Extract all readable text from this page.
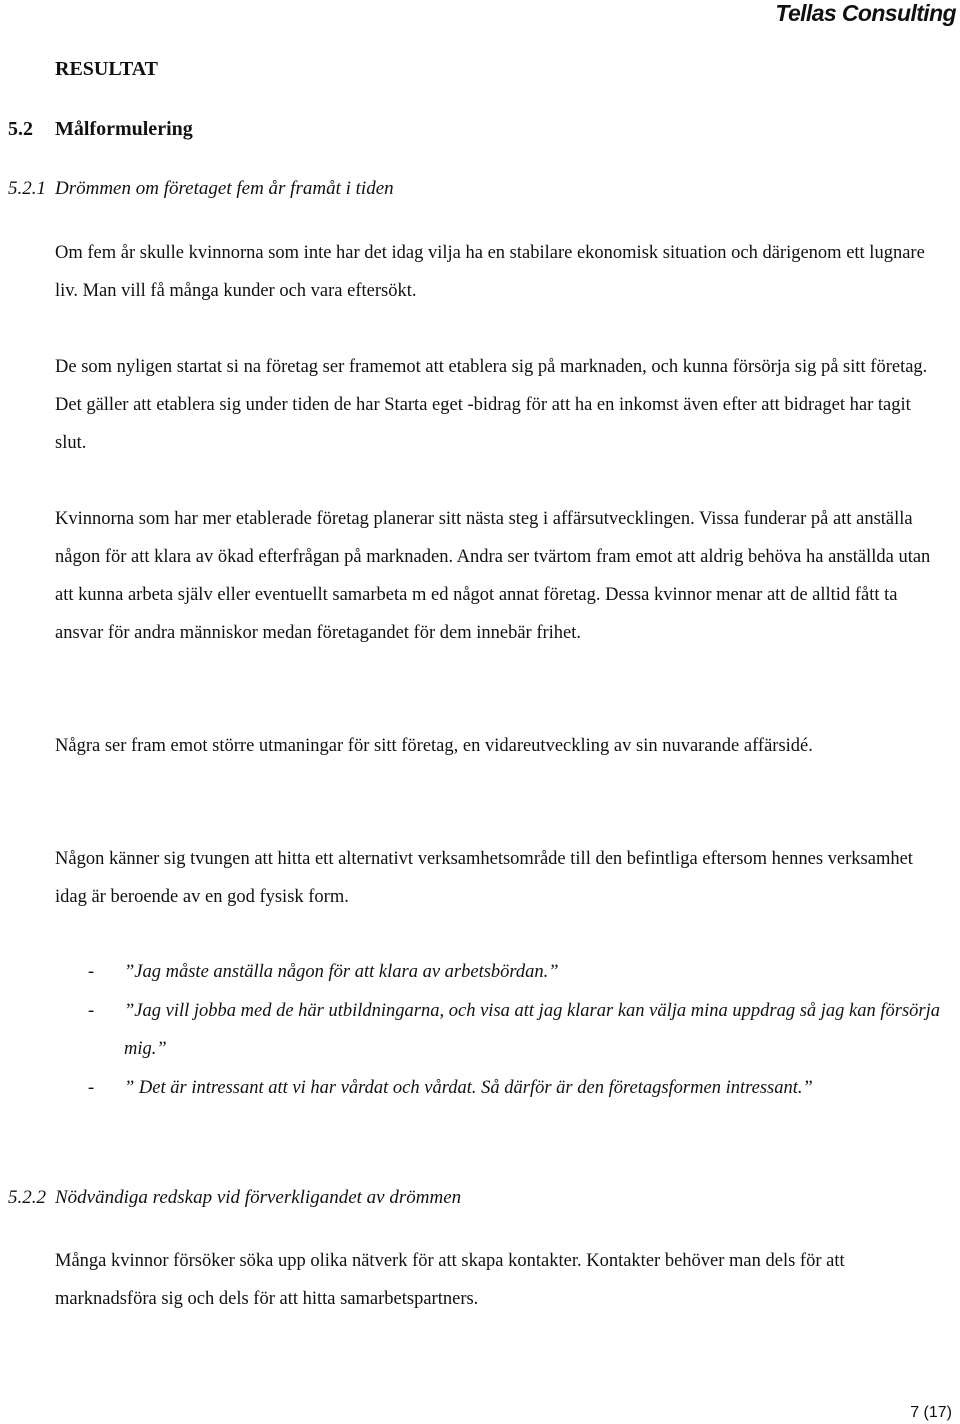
Tellas Consulting
RESULTAT
5.2 Målformulering
5.2.1 Drömmen om företaget fem år framåt i tiden
Om fem år skulle kvinnorna som inte har det idag vilja ha en stabilare ekonomisk situation och därigenom ett lugnare liv. Man vill få många kunder och vara eftersökt.
De som nyligen startat si na företag ser framemot att etablera sig på marknaden, och kunna försörja sig på sitt företag. Det gäller att etablera sig under tiden de har Starta eget -bidrag för att ha en inkomst även efter att bidraget har tagit slut.
Kvinnorna som har mer etablerade företag planerar sitt nästa steg i affärsutvecklingen. Vissa funderar på att anställa någon för att klara av ökad efterfrågan på marknaden. Andra ser tvärtom fram emot att aldrig behöva ha anställda utan att kunna arbeta själv eller eventuellt samarbeta m ed något annat företag. Dessa kvinnor menar att de alltid fått ta ansvar för andra människor medan företagandet för dem innebär frihet.
Några ser fram emot större utmaningar för sitt företag, en vidareutveckling av sin nuvarande affärsidé.
Någon känner sig tvungen att hitta ett alternativt verksamhetsområde till den befintliga eftersom hennes verksamhet idag är beroende av en god fysisk form.
- ”Jag måste anställa någon för att klara av arbetsbördan.”
- ”Jag vill jobba med de här utbildningarna, och visa att jag klarar kan välja mina uppdrag så jag kan försörja mig.”
- ” Det är intressant att vi har vårdat och vårdat. Så därför är den företagsformen intressant.”
5.2.2 Nödvändiga redskap vid förverkligandet av drömmen
Många kvinnor försöker söka upp olika nätverk för att skapa kontakter. Kontakter behöver man dels för att marknadsföra sig och dels för att hitta samarbetspartners.
7 (17)
